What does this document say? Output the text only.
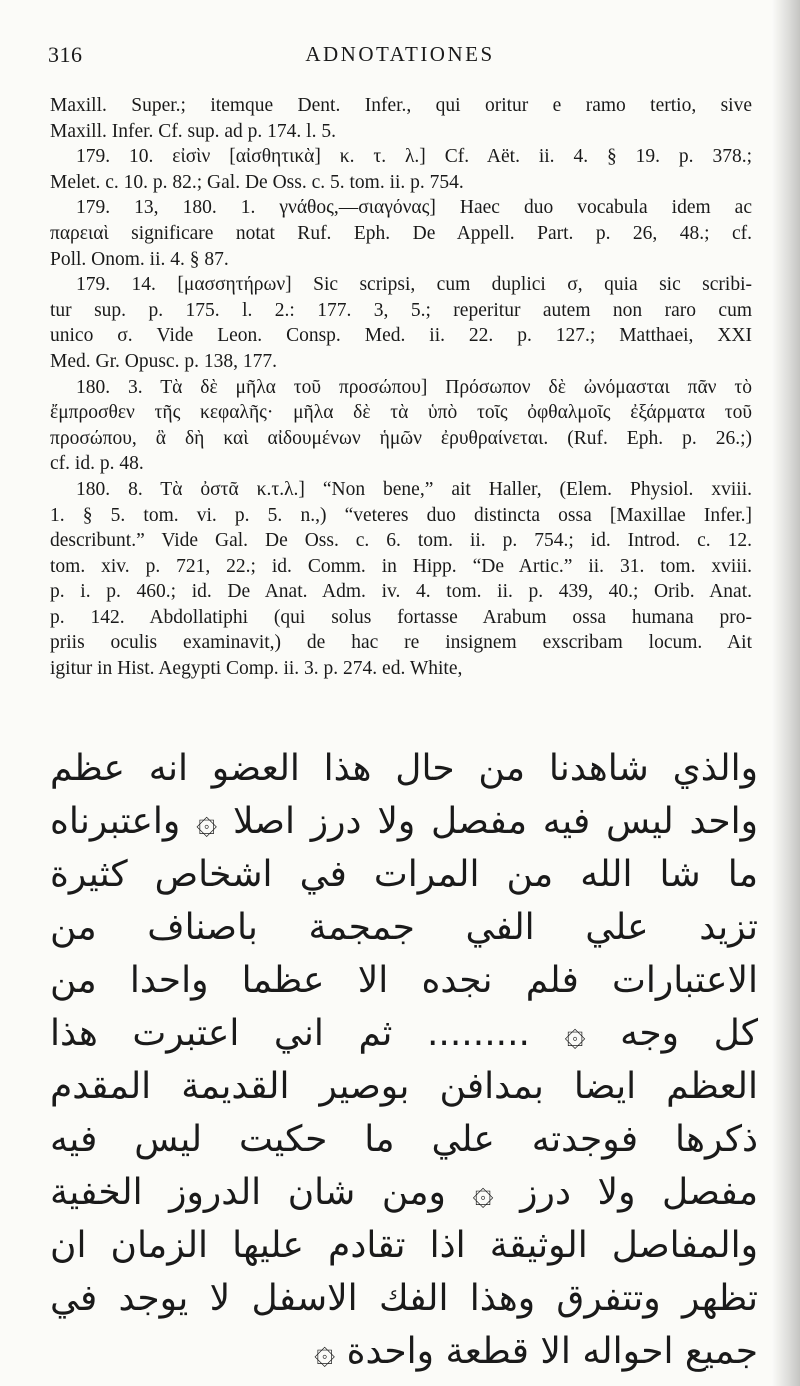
316	ADNOTATIONES
Maxill. Super.; itemque Dent. Infer., qui oritur e ramo tertio, sive
Maxill. Infer. Cf. sup. ad p. 174. l. 5.
179. 10. εἰσὶν [αἰσθητικὰ] κ. τ. λ.] Cf. Aët. ii. 4. § 19. p. 378.;
Melet. c. 10. p. 82.; Gal. De Oss. c. 5. tom. ii. p. 754.
179. 13, 180. 1. γνάθος,—σιαγόνας] Haec duo vocabula idem ac
παρειαὶ significare notat Ruf. Eph. De Appell. Part. p. 26, 48.; cf.
Poll. Onom. ii. 4. § 87.
179. 14. [μασσητήρων] Sic scripsi, cum duplici σ, quia sic scribi-
tur sup. p. 175. l. 2.: 177. 3, 5.; reperitur autem non raro cum
unico σ. Vide Leon. Consp. Med. ii. 22. p. 127.; Matthaei, XXI
Med. Gr. Opusc. p. 138, 177.
180. 3. Τὰ δὲ μῆλα τοῦ προσώπου] Πρόσωπον δὲ ὠνόμασται πᾶν τὸ
ἔμπροσθεν τῆς κεφαλῆς· μῆλα δὲ τὰ ὑπὸ τοῖς ὀφθαλμοῖς ἐξάρματα τοῦ
προσώπου, ἃ δὴ καὶ αἰδουμένων ἡμῶν ἐρυθραίνεται. (Ruf. Eph. p. 26.;)
cf. id. p. 48.
180. 8. Τὰ ὀστᾶ κ.τ.λ.] “Non bene,” ait Haller, (Elem. Physiol. xviii.
1. § 5. tom. vi. p. 5. n.,) “veteres duo distincta ossa [Maxillae Infer.]
describunt.” Vide Gal. De Oss. c. 6. tom. ii. p. 754.; id. Introd. c. 12.
tom. xiv. p. 721, 22.; id. Comm. in Hipp. “De Artic.” ii. 31. tom. xviii.
p. i. p. 460.; id. De Anat. Adm. iv. 4. tom. ii. p. 439, 40.; Orib. Anat.
p. 142. Abdollatiphi (qui solus fortasse Arabum ossa humana pro-
priis oculis examinavit,) de hac re insignem exscribam locum. Ait
igitur in Hist. Aegypti Comp. ii. 3. p. 274. ed. White,
والذي شاهدنا من حال هذا العضو انه عظم
واحد ليس فيه مفصل ولا درز اصلا ۞ واعتبرناه
ما شا الله من المرات في اشخاص كثيرة
تزيد علي الفي جمجمة باصناف من
الاعتبارات فلم نجده الا عظما واحدا من
كل وجه ۞ ......... ثم اني اعتبرت هذا
العظم ايضا بمدافن بوصير القديمة المقدم
ذكرها فوجدته علي ما حكيت ليس فيه
مفصل ولا درز ۞ ومن شان الدروز الخفية
والمفاصل الوثيقة اذا تقادم عليها الزمان ان
تظهر وتتفرق وهذا الفك الاسفل لا يوجد في
جميع احواله الا قطعة واحدة ۞
